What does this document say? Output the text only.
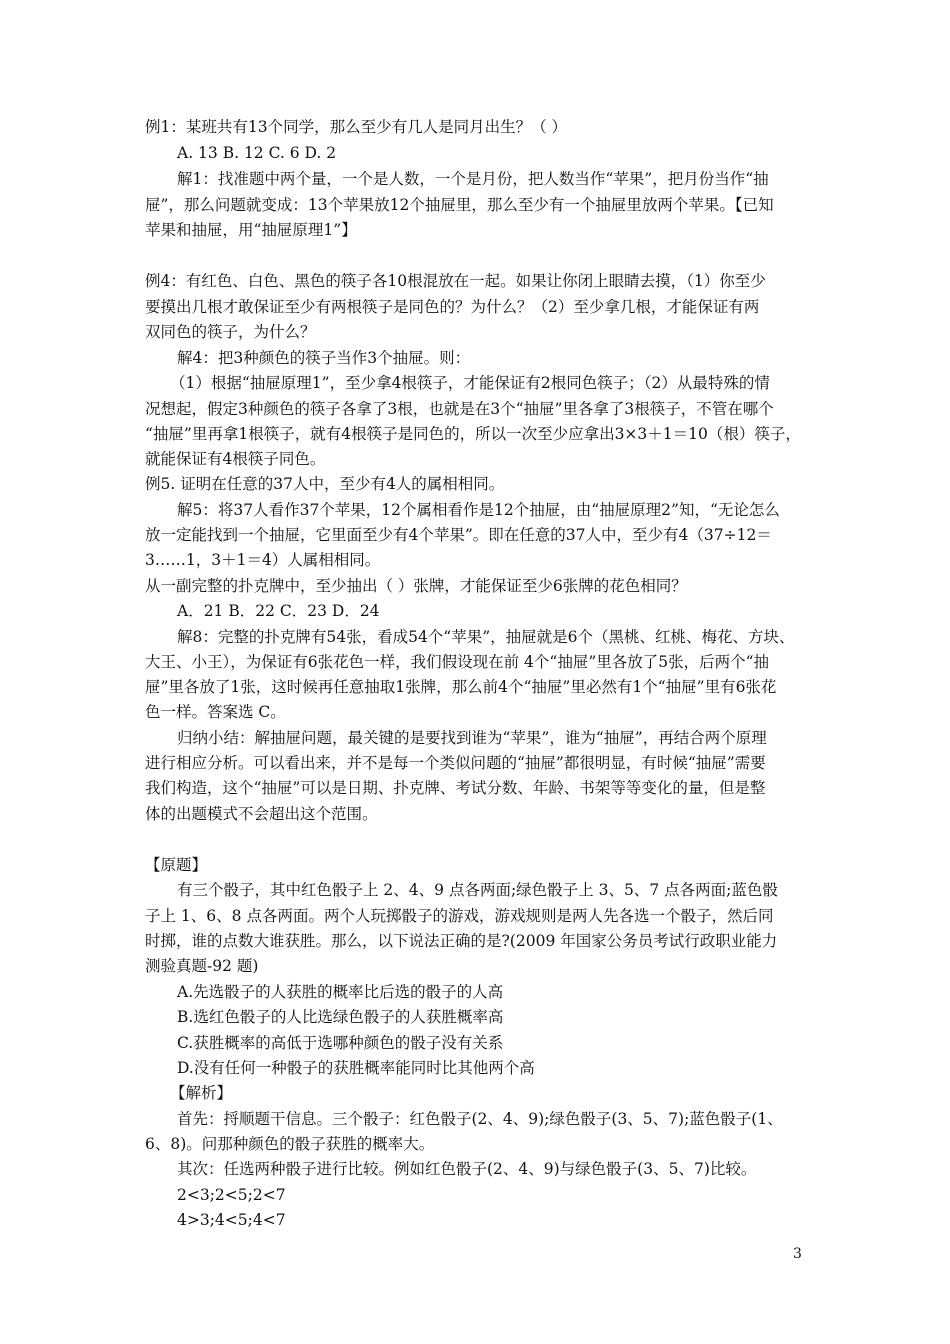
例1：某班共有13个同学，那么至少有几人是同月出生？（ ）
A. 13 B. 12 C. 6 D. 2
解1：找准题中两个量，一个是人数，一个是月份，把人数当作“苹果”，把月份当作“抽
屉”，那么问题就变成：13个苹果放12个抽屉里，那么至少有一个抽屉里放两个苹果。【已知
苹果和抽屉，用“抽屉原理1”】
例4：有红色、白色、黑色的筷子各10根混放在一起。如果让你闭上眼睛去摸，（1）你至少
要摸出几根才敢保证至少有两根筷子是同色的？为什么？（2）至少拿几根，才能保证有两
双同色的筷子，为什么？
解4：把3种颜色的筷子当作3个抽屉。则：
（1）根据“抽屉原理1”，至少拿4根筷子，才能保证有2根同色筷子；（2）从最特殊的情
况想起，假定3种颜色的筷子各拿了3根，也就是在3个“抽屉”里各拿了3根筷子，不管在哪个
“抽屉”里再拿1根筷子，就有4根筷子是同色的，所以一次至少应拿出3×3＋1＝10（根）筷子，
就能保证有4根筷子同色。
例5. 证明在任意的37人中，至少有4人的属相相同。
解5：将37人看作37个苹果，12个属相看作是12个抽屉，由“抽屉原理2”知，“无论怎么
放一定能找到一个抽屉，它里面至少有4个苹果”。即在任意的37人中，至少有4（37÷12＝
3……1，3＋1＝4）人属相相同。
从一副完整的扑克牌中，至少抽出（ ）张牌，才能保证至少6张牌的花色相同？
A．21 B．22 C．23 D．24
解8：完整的扑克牌有54张，看成54个“苹果”，抽屉就是6个（黑桃、红桃、梅花、方块、
大王、小王），为保证有6张花色一样，我们假设现在前 4个“抽屉”里各放了5张，后两个“抽
屉”里各放了1张，这时候再任意抽取1张牌，那么前4个“抽屉”里必然有1个“抽屉”里有6张花
色一样。答案选 C。
归纳小结：解抽屉问题，最关键的是要找到谁为“苹果”，谁为“抽屉”，再结合两个原理
进行相应分析。可以看出来，并不是每一个类似问题的“抽屉”都很明显，有时候“抽屉”需要
我们构造，这个“抽屉”可以是日期、扑克牌、考试分数、年龄、书架等等变化的量，但是整
体的出题模式不会超出这个范围。
【原题】
有三个骰子，其中红色骰子上 2、4、9 点各两面;绿色骰子上 3、5、7 点各两面;蓝色骰
子上 1、6、8 点各两面。两个人玩掷骰子的游戏，游戏规则是两人先各选一个骰子，然后同
时掷，谁的点数大谁获胜。那么，以下说法正确的是?(2009 年国家公务员考试行政职业能力
测验真题-92 题)
A.先选骰子的人获胜的概率比后选的骰子的人高
B.选红色骰子的人比选绿色骰子的人获胜概率高
C.获胜概率的高低于选哪种颜色的骰子没有关系
D.没有任何一种骰子的获胜概率能同时比其他两个高
【解析】
首先：捋顺题干信息。三个骰子：红色骰子(2、4、9);绿色骰子(3、5、7);蓝色骰子(1、
6、8)。问那种颜色的骰子获胜的概率大。
其次：任选两种骰子进行比较。例如红色骰子(2、4、9)与绿色骰子(3、5、7)比较。
2<3;2<5;2<7
4>3;4<5;4<7
3
